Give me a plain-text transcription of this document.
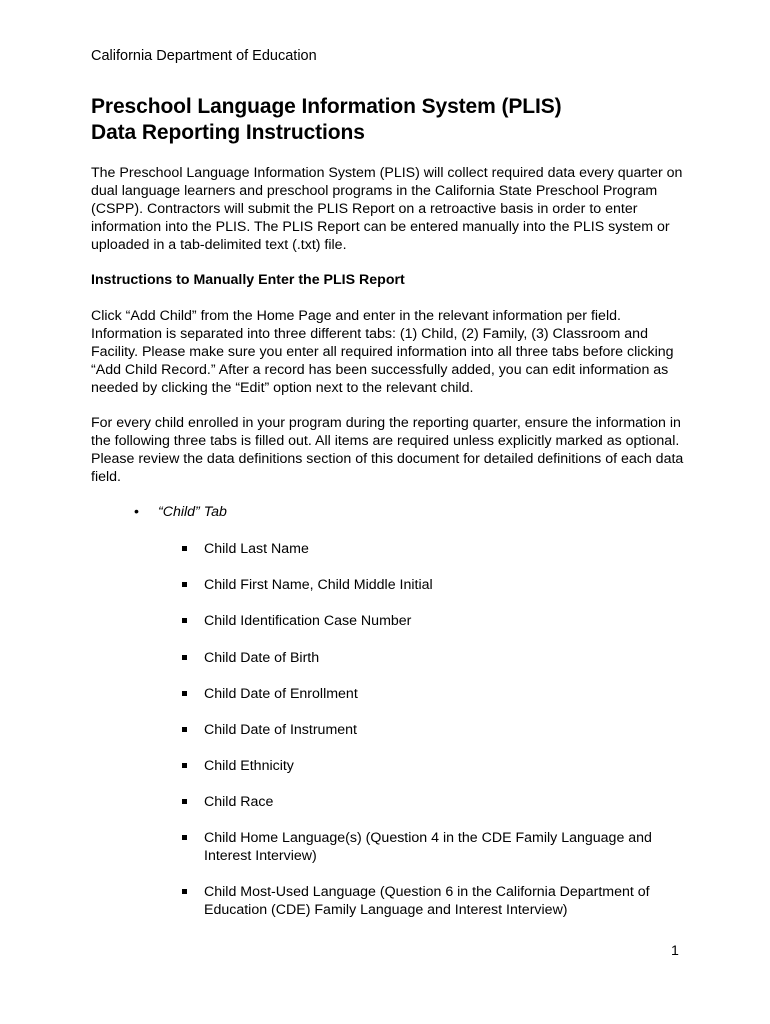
California Department of Education
Preschool Language Information System (PLIS)
Data Reporting Instructions

The Preschool Language Information System (PLIS) will collect required data every quarter on dual language learners and preschool programs in the California State Preschool Program (CSPP). Contractors will submit the PLIS Report on a retroactive basis in order to enter information into the PLIS. The PLIS Report can be entered manually into the PLIS system or uploaded in a tab-delimited text (.txt) file.

Instructions to Manually Enter the PLIS Report

Click “Add Child” from the Home Page and enter in the relevant information per field. Information is separated into three different tabs: (1) Child, (2) Family, (3) Classroom and Facility. Please make sure you enter all required information into all three tabs before clicking “Add Child Record.” After a record has been successfully added, you can edit information as needed by clicking the “Edit” option next to the relevant child.

For every child enrolled in your program during the reporting quarter, ensure the information in the following three tabs is filled out. All items are required unless explicitly marked as optional. Please review the data definitions section of this document for detailed definitions of each data field.

•	“Child” Tab
Child Last Name
Child First Name, Child Middle Initial
Child Identification Case Number
Child Date of Birth
Child Date of Enrollment
Child Date of Instrument
Child Ethnicity
Child Race
Child Home Language(s) (Question 4 in the CDE Family Language and Interest Interview)
Child Most-Used Language (Question 6 in the California Department of Education (CDE) Family Language and Interest Interview)
1
